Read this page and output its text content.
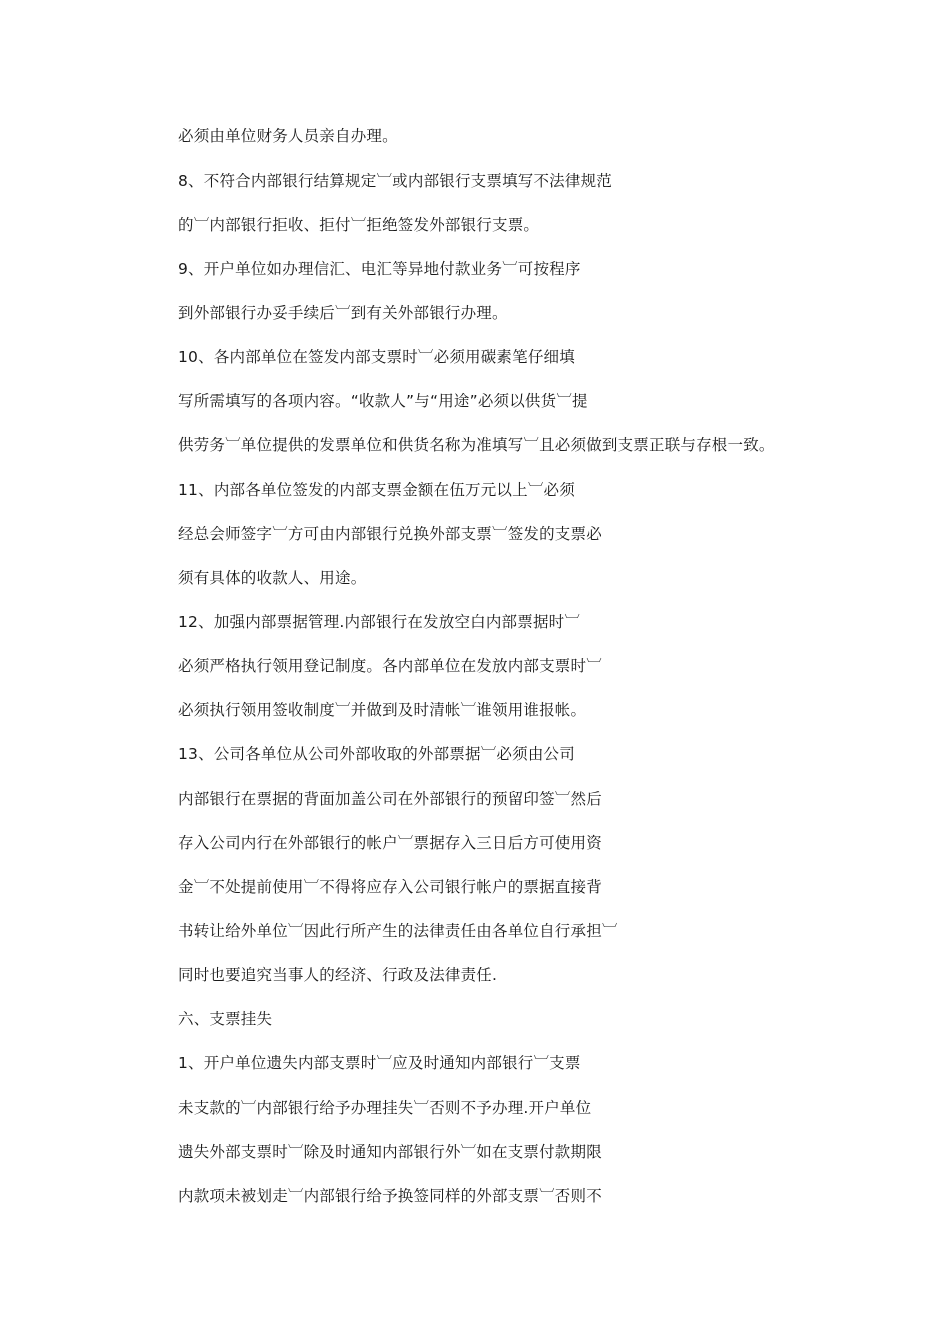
必须由单位财务人员亲自办理。
8、不符合内部银行结算规定︺或内部银行支票填写不法律规范
的︺内部银行拒收、拒付︺拒绝签发外部银行支票。
9、开户单位如办理信汇、电汇等异地付款业务︺可按程序
到外部银行办妥手续后︺到有关外部银行办理。
10、各内部单位在签发内部支票时︺必须用碳素笔仔细填
写所需填写的各项内容。“收款人”与“用途”必须以供货︺提
供劳务︺单位提供的发票单位和供货名称为准填写︺且必须做到支票正联与存根一致。
11、内部各单位签发的内部支票金额在伍万元以上︺必须
经总会师签字︺方可由内部银行兑换外部支票︺签发的支票必
须有具体的收款人、用途。
12、加强内部票据管理.内部银行在发放空白内部票据时︺
必须严格执行领用登记制度。各内部单位在发放内部支票时︺
必须执行领用签收制度︺并做到及时清帐︺谁领用谁报帐。
13、公司各单位从公司外部收取的外部票据︺必须由公司
内部银行在票据的背面加盖公司在外部银行的预留印签︺然后
存入公司内行在外部银行的帐户︺票据存入三日后方可使用资
金︺不处提前使用︺不得将应存入公司银行帐户的票据直接背
书转让给外单位︺因此行所产生的法律责任由各单位自行承担︺
同时也要追究当事人的经济、行政及法律责任.
六、支票挂失
1、开户单位遗失内部支票时︺应及时通知内部银行︺支票
未支款的︺内部银行给予办理挂失︺否则不予办理.开户单位
遗失外部支票时︺除及时通知内部银行外︺如在支票付款期限
内款项未被划走︺内部银行给予换签同样的外部支票︺否则不
